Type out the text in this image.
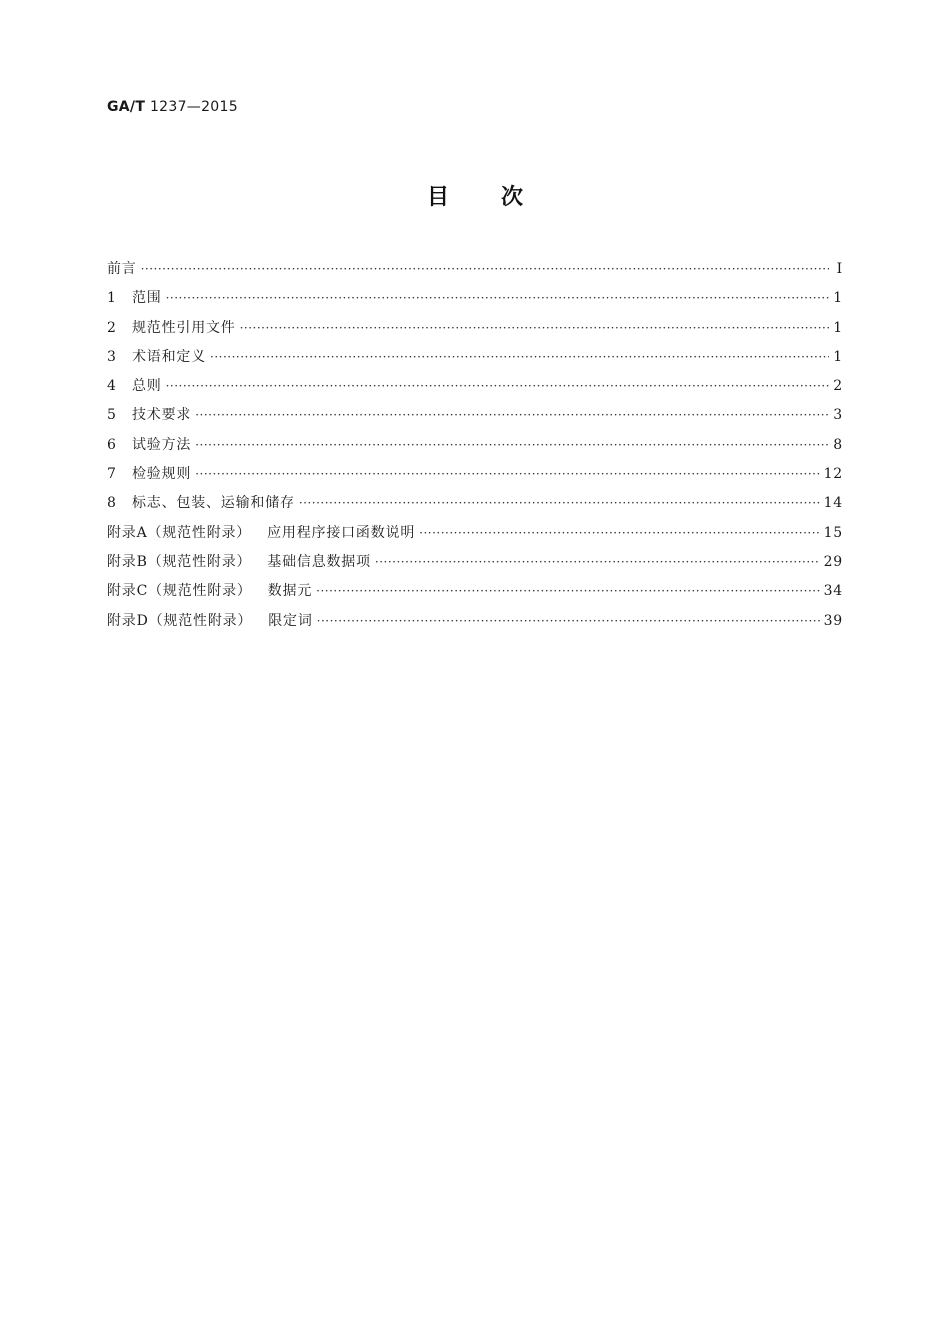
GA/T 1237—2015
目 次
前言 ·····	Ⅰ
1	范围 ·····	1
2	规范性引用文件 ·····	1
3	术语和定义 ·····	1
4	总则 ·····	2
5	技术要求 ·····	3
6	试验方法 ·····	8
7	检验规则 ·····	12
8	标志、包装、运输和储存 ·····	14
附录A（规范性附录） 应用程序接口函数说明 ·····	15
附录B（规范性附录） 基础信息数据项 ·····	29
附录C（规范性附录） 数据元 ·····	34
附录D（规范性附录） 限定词 ·····	39
